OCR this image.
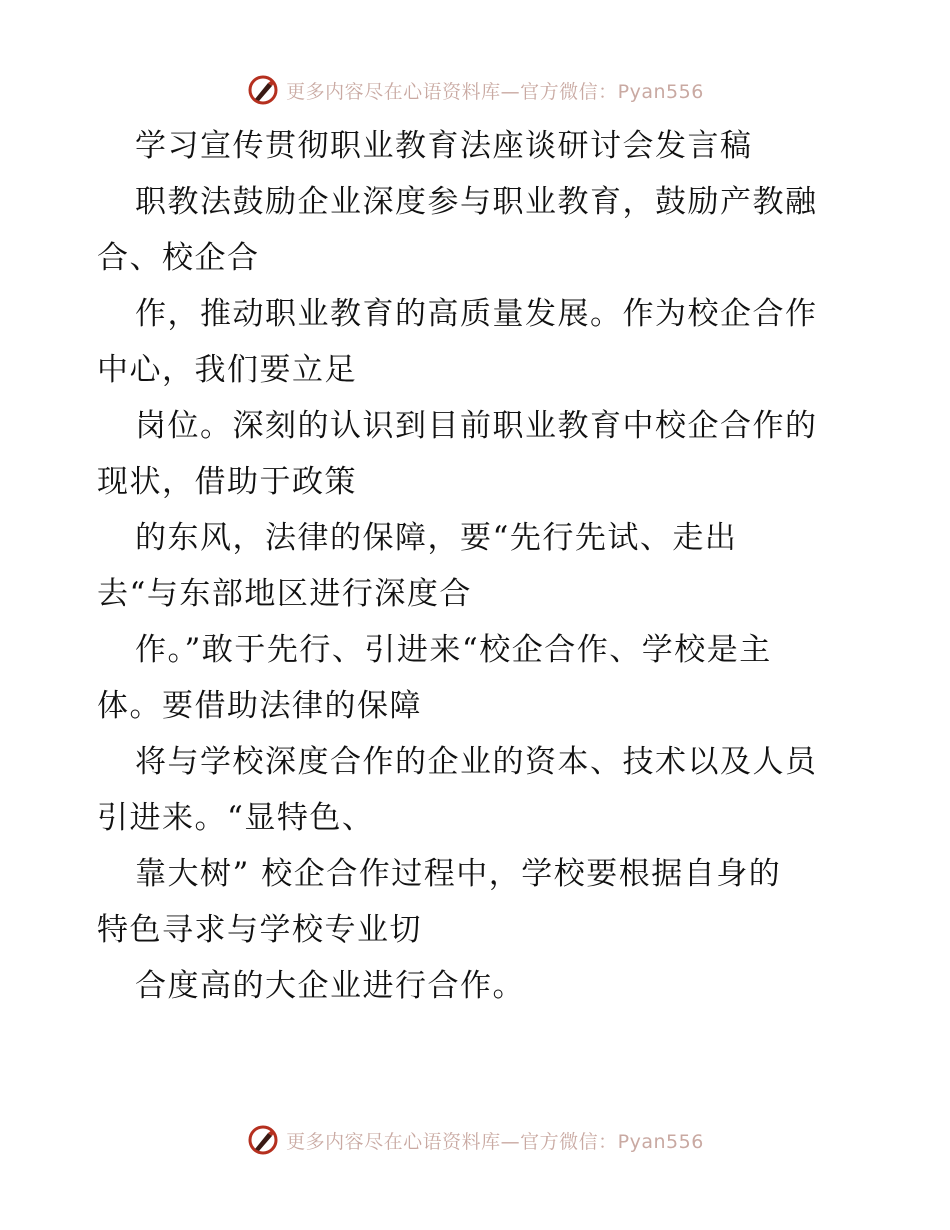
更多内容尽在心语资料库—官方微信：Pyan556
学习宣传贯彻职业教育法座谈研讨会发言稿
职教法鼓励企业深度参与职业教育，鼓励产教融
合、校企合
作，推动职业教育的高质量发展。作为校企合作
中心，我们要立足
岗位。深刻的认识到目前职业教育中校企合作的
现状，借助于政策
的东风，法律的保障，要“先行先试、走出
去“与东部地区进行深度合
作。”敢于先行、引进来“校企合作、学校是主
体。要借助法律的保障
将与学校深度合作的企业的资本、技术以及人员
引进来。“显特色、
靠大树” 校企合作过程中，学校要根据自身的
特色寻求与学校专业切
合度高的大企业进行合作。
更多内容尽在心语资料库—官方微信：Pyan556
